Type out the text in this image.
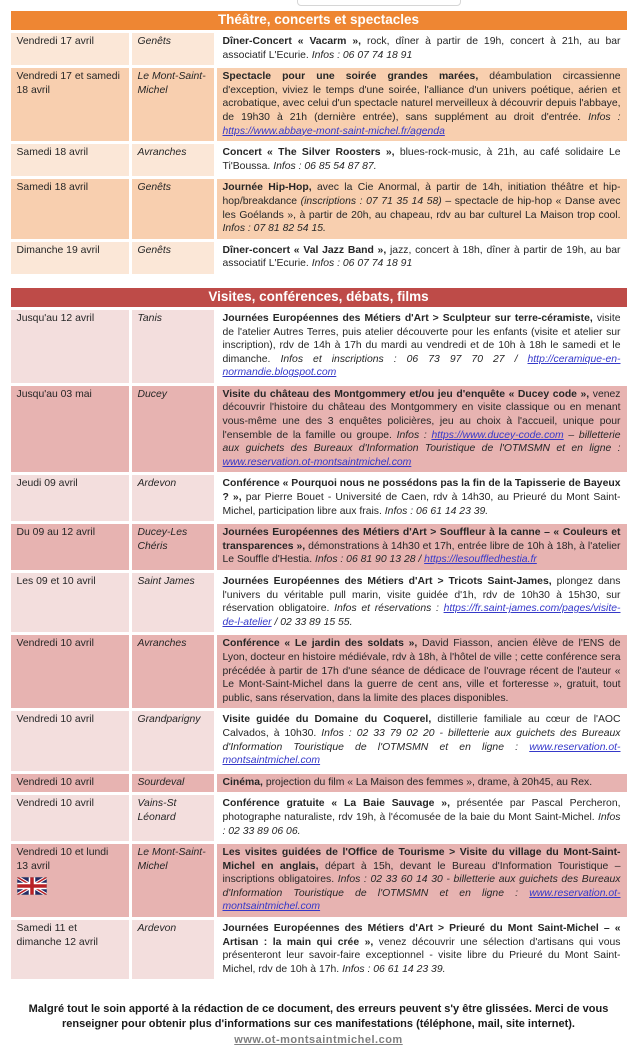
Théâtre, concerts et spectacles		
Vendredi 17 avril	Genêts	Dîner-Concert « Vacarm », rock, dîner à partir de 19h, concert à 21h, au bar associatif L'Ecurie. Infos : 06 07 74 18 91
Vendredi 17 et samedi 18 avril	Le Mont-Saint-Michel	Spectacle pour une soirée grandes marées, déambulation circassienne d'exception, viviez le temps d'une soirée, l'alliance d'un univers poétique, aérien et acrobatique, avec celui d'un spectacle naturel merveilleux à découvrir depuis l'abbaye, de 19h30 à 21h (dernière entrée), sans supplément au droit d'entrée. Infos : https://www.abbaye-mont-saint-michel.fr/agenda
Samedi 18 avril	Avranches	Concert « The Silver Roosters », blues-rock-music, à 21h, au café solidaire Le Ti'Boussa. Infos : 06 85 54 87 87.
Samedi 18 avril	Genêts	Journée Hip-Hop, avec la Cie Anormal, à partir de 14h, initiation théâtre et hip-hop/breakdance (inscriptions : 07 71 35 14 58) – spectacle de hip-hop « Danse avec les Goélands », à partir de 20h, au chapeau, rdv au bar culturel La Maison trop cool. Infos : 07 81 82 54 15.
Dimanche 19 avril	Genêts	Dîner-concert « Val Jazz Band », jazz, concert à 18h, dîner à partir de 19h, au bar associatif L'Ecurie. Infos : 06 07 74 18 91
Visites, conférences, débats, films		
Jusqu'au 12 avril	Tanis	Journées Européennes des Métiers d'Art > Sculpteur sur terre-céramiste, visite de l'atelier Autres Terres, puis atelier découverte pour les enfants (visite et atelier sur inscription), rdv de 14h à 17h du mardi au vendredi et de 10h à 18h le samedi et le dimanche. Infos et inscriptions : 06 73 97 70 27 / http://ceramique-en-normandie.blogspot.com
Jusqu'au 03 mai	Ducey	Visite du château des Montgommery et/ou jeu d'enquête « Ducey code », venez découvrir l'histoire du château des Montgommery en visite classique ou en menant vous-même une des 3 enquêtes policières, jeu au choix à l'accueil, unique pour l'ensemble de la famille ou groupe. Infos : https://www.ducey-code.com – billetterie aux guichets des Bureaux d'Information Touristique de l'OTMSMN et en ligne : www.reservation.ot-montsaintmichel.com
Jeudi 09 avril	Ardevon	Conférence « Pourquoi nous ne possédons pas la fin de la Tapisserie de Bayeux ? », par Pierre Bouet - Université de Caen, rdv à 14h30, au Prieuré du Mont Saint-Michel, participation libre aux frais. Infos : 06 61 14 23 39.
Du 09 au 12 avril	Ducey-Les Chéris	Journées Européennes des Métiers d'Art > Souffleur à la canne – « Couleurs et transparences », démonstrations à 14h30 et 17h, entrée libre de 10h à 18h, à l'atelier Le Souffle d'Hestia. Infos : 06 81 90 13 28 / https://lesouffledhestia.fr
Les 09 et 10 avril	Saint James	Journées Européennes des Métiers d'Art > Tricots Saint-James, plongez dans l'univers du véritable pull marin, visite guidée d'1h, rdv de 10h30 à 15h30, sur réservation obligatoire. Infos et réservations : https://fr.saint-james.com/pages/visite-de-l-atelier / 02 33 89 15 55.
Vendredi 10 avril	Avranches	Conférence « Le jardin des soldats », David Fiasson, ancien élève de l'ENS de Lyon, docteur en histoire médiévale, rdv à 18h, à l'hôtel de ville ; cette conférence sera précédée à partir de 17h d'une séance de dédicace de l'ouvrage récent de l'auteur « Le Mont-Saint-Michel dans la guerre de cent ans, ville et forteresse », gratuit, tout public, sans réservation, dans la limite des places disponibles.
Vendredi 10 avril	Grandparigny	Visite guidée du Domaine du Coquerel, distillerie familiale au cœur de l'AOC Calvados, à 10h30. Infos : 02 33 79 02 20 - billetterie aux guichets des Bureaux d'Information Touristique de l'OTMSMN et en ligne : www.reservation.ot-montsaintmichel.com
Vendredi 10 avril	Sourdeval	Cinéma, projection du film « La Maison des femmes », drame, à 20h45, au Rex.
Vendredi 10 avril	Vains-St Léonard	Conférence gratuite « La Baie Sauvage », présentée par Pascal Percheron, photographe naturaliste, rdv 19h, à l'écomusée de la baie du Mont Saint-Michel. Infos : 02 33 89 06 06.
Vendredi 10 et lundi 13 avril	Le Mont-Saint-Michel	Les visites guidées de l'Office de Tourisme > Visite du village du Mont-Saint-Michel en anglais, départ à 15h, devant le Bureau d'Information Touristique – inscriptions obligatoires. Infos : 02 33 60 14 30 - billetterie aux guichets des Bureaux d'Information Touristique de l'OTMSMN et en ligne : www.reservation.ot-montsaintmichel.com
Samedi 11 et dimanche 12 avril	Ardevon	Journées Européennes des Métiers d'Art > Prieuré du Mont Saint-Michel – « Artisan : la main qui crée », venez découvrir une sélection d'artisans qui vous présenteront leur savoir-faire exceptionnel - visite libre du Prieuré du Mont Saint-Michel, rdv de 10h à 17h. Infos : 06 61 14 23 39.
Malgré tout le soin apporté à la rédaction de ce document, des erreurs peuvent s'y être glissées. Merci de vous renseigner pour obtenir plus d'informations sur ces manifestations (téléphone, mail, site internet).
www.ot-montsaintmichel.com
